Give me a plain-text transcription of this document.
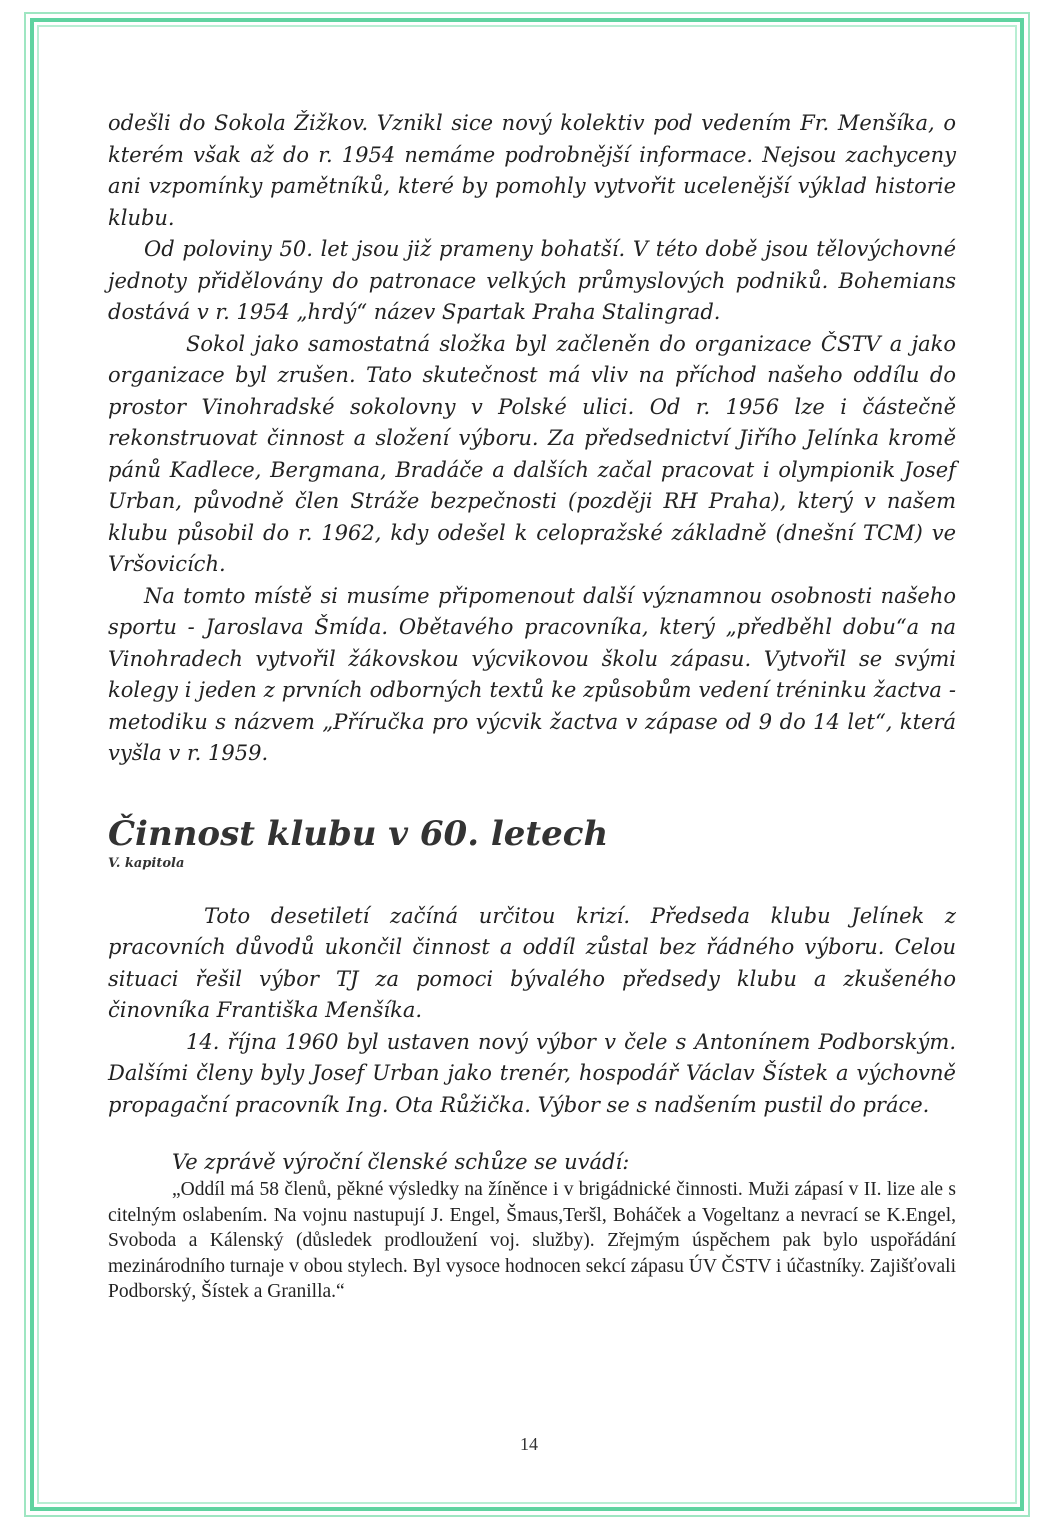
odešli do Sokola Žižkov. Vznikl sice nový kolektiv pod vedením Fr. Menšíka, o kterém však až do r. 1954 nemáme podrobnější informace. Nejsou zachyceny ani vzpomínky pamětníků, které by pomohly vytvořit ucelenější výklad historie klubu.

Od poloviny 50. let jsou již prameny bohatší. V této době jsou tělovýchovné jednoty přidělovány do patronace velkých průmyslových podniků. Bohemians dostává v r. 1954 „hrdý“ název Spartak Praha Stalingrad.

Sokol jako samostatná složka byl začleněn do organizace ČSTV a jako organizace byl zrušen. Tato skutečnost má vliv na příchod našeho oddílu do prostor Vinohradské sokolovny v Polské ulici. Od r. 1956 lze i částečně rekonstruovat činnost a složení výboru. Za předsednictví Jiřího Jelínka kromě pánů Kadlece, Bergmana, Bradáče a dalších začal pracovat i olympionik Josef Urban, původně člen Stráže bezpečnosti (později RH Praha), který v našem klubu působil do r. 1962, kdy odešel k celopražské základně (dnešní TCM) ve Vršovicích.

Na tomto místě si musíme připomenout další významnou osobnosti našeho sportu - Jaroslava Šmída. Obětavého pracovníka, který „předběhl dobu“a na Vinohradech vytvořil žákovskou výcvikovou školu zápasu. Vytvořil se svými kolegy i jeden z prvních odborných textů ke způsobům vedení tréninku žactva - metodiku s názvem „Příručka pro výcvik žactva v zápase od 9 do 14 let“, která vyšla v r. 1959.

Činnost klubu v 60. letech
V. kapitola

Toto desetiletí začíná určitou krizí. Předseda klubu Jelínek z pracovních důvodů ukončil činnost a oddíl zůstal bez řádného výboru. Celou situaci řešil výbor TJ za pomoci bývalého předsedy klubu a zkušeného činovníka Františka Menšíka.

14. října 1960 byl ustaven nový výbor v čele s Antonínem Podborským. Dalšími členy byly Josef Urban jako trenér, hospodář Václav Šístek a výchovně propagační pracovník Ing. Ota Růžička. Výbor se s nadšením pustil do práce.

Ve zprávě výroční členské schůze se uvádí:

„Oddíl má 58 členů, pěkné výsledky na žíněnce i v brigádnické činnosti. Muži zápasí v II. lize ale s citelným oslabením. Na vojnu nastupují J. Engel, Šmaus,Teršl, Boháček a Vogeltanz a nevrací se K.Engel, Svoboda a Kálenský (důsledek prodloužení voj. služby). Zřejmým úspěchem pak bylo uspořádání mezinárodního turnaje v obou stylech. Byl vysoce hodnocen sekcí zápasu ÚV ČSTV i účastníky. Zajišťovali Podborský, Šístek a Granilla.“

14
